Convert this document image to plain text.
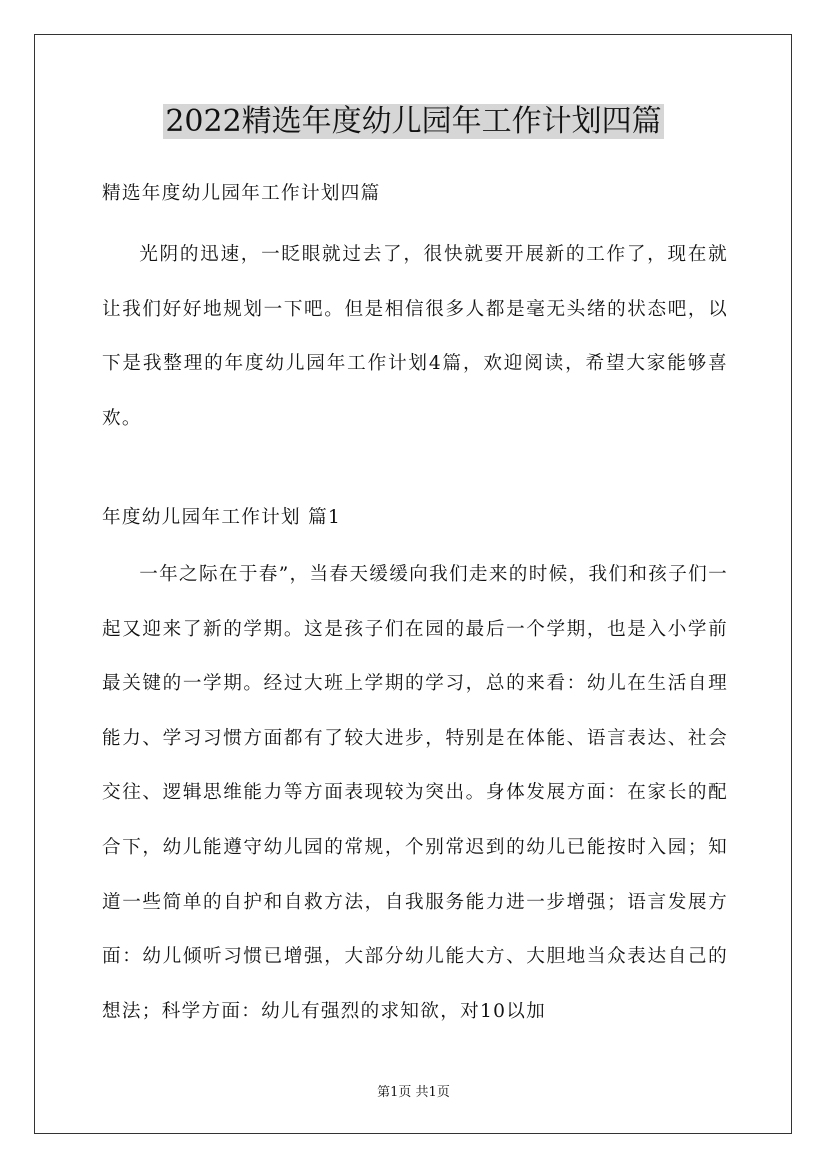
2022精选年度幼儿园年工作计划四篇

精选年度幼儿园年工作计划四篇

光阴的迅速，一眨眼就过去了，很快就要开展新的工作了，现在就让我们好好地规划一下吧。但是相信很多人都是毫无头绪的状态吧，以下是我整理的年度幼儿园年工作计划4篇，欢迎阅读，希望大家能够喜欢。

年度幼儿园年工作计划 篇1

一年之际在于春”，当春天缓缓向我们走来的时候，我们和孩子们一起又迎来了新的学期。这是孩子们在园的最后一个学期，也是入小学前最关键的一学期。经过大班上学期的学习，总的来看：幼儿在生活自理能力、学习习惯方面都有了较大进步，特别是在体能、语言表达、社会交往、逻辑思维能力等方面表现较为突出。身体发展方面：在家长的配合下，幼儿能遵守幼儿园的常规，个别常迟到的幼儿已能按时入园；知道一些简单的自护和自救方法，自我服务能力进一步增强；语言发展方面：幼儿倾听习惯已增强，大部分幼儿能大方、大胆地当众表达自己的想法；科学方面：幼儿有强烈的求知欲，对10以加

第1页 共1页
